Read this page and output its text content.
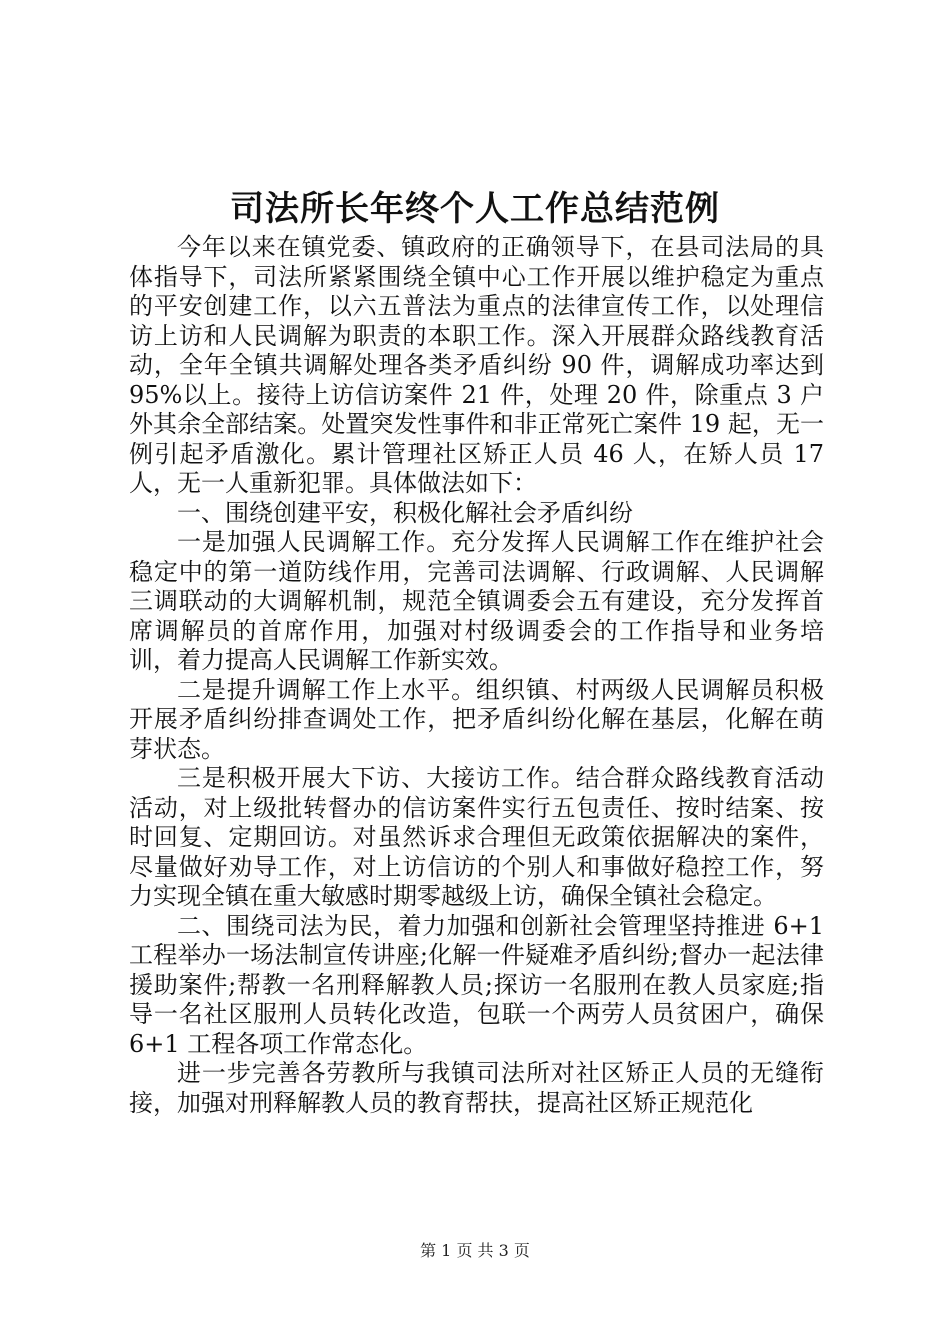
司法所长年终个人工作总结范例

今年以来在镇党委、镇政府的正确领导下，在县司法局的具体指导下，司法所紧紧围绕全镇中心工作开展以维护稳定为重点的平安创建工作，以六五普法为重点的法律宣传工作，以处理信访上访和人民调解为职责的本职工作。深入开展群众路线教育活动，全年全镇共调解处理各类矛盾纠纷 90 件，调解成功率达到95%以上。接待上访信访案件 21 件，处理 20 件，除重点 3 户外其余全部结案。处置突发性事件和非正常死亡案件 19 起，无一例引起矛盾激化。累计管理社区矫正人员 46 人，在矫人员 17 人，无一人重新犯罪。具体做法如下：

一、围绕创建平安，积极化解社会矛盾纠纷

一是加强人民调解工作。充分发挥人民调解工作在维护社会稳定中的第一道防线作用，完善司法调解、行政调解、人民调解三调联动的大调解机制，规范全镇调委会五有建设，充分发挥首席调解员的首席作用，加强对村级调委会的工作指导和业务培训，着力提高人民调解工作新实效。

二是提升调解工作上水平。组织镇、村两级人民调解员积极开展矛盾纠纷排查调处工作，把矛盾纠纷化解在基层，化解在萌芽状态。

三是积极开展大下访、大接访工作。结合群众路线教育活动活动，对上级批转督办的信访案件实行五包责任、按时结案、按时回复、定期回访。对虽然诉求合理但无政策依据解决的案件，尽量做好劝导工作，对上访信访的个别人和事做好稳控工作，努力实现全镇在重大敏感时期零越级上访，确保全镇社会稳定。

二、围绕司法为民，着力加强和创新社会管理坚持推进 6+1 工程举办一场法制宣传讲座;化解一件疑难矛盾纠纷;督办一起法律援助案件;帮教一名刑释解教人员;探访一名服刑在教人员家庭;指导一名社区服刑人员转化改造，包联一个两劳人员贫困户，确保6+1 工程各项工作常态化。

进一步完善各劳教所与我镇司法所对社区矫正人员的无缝衔接，加强对刑释解教人员的教育帮扶，提高社区矫正规范化

第 1 页 共 3 页
